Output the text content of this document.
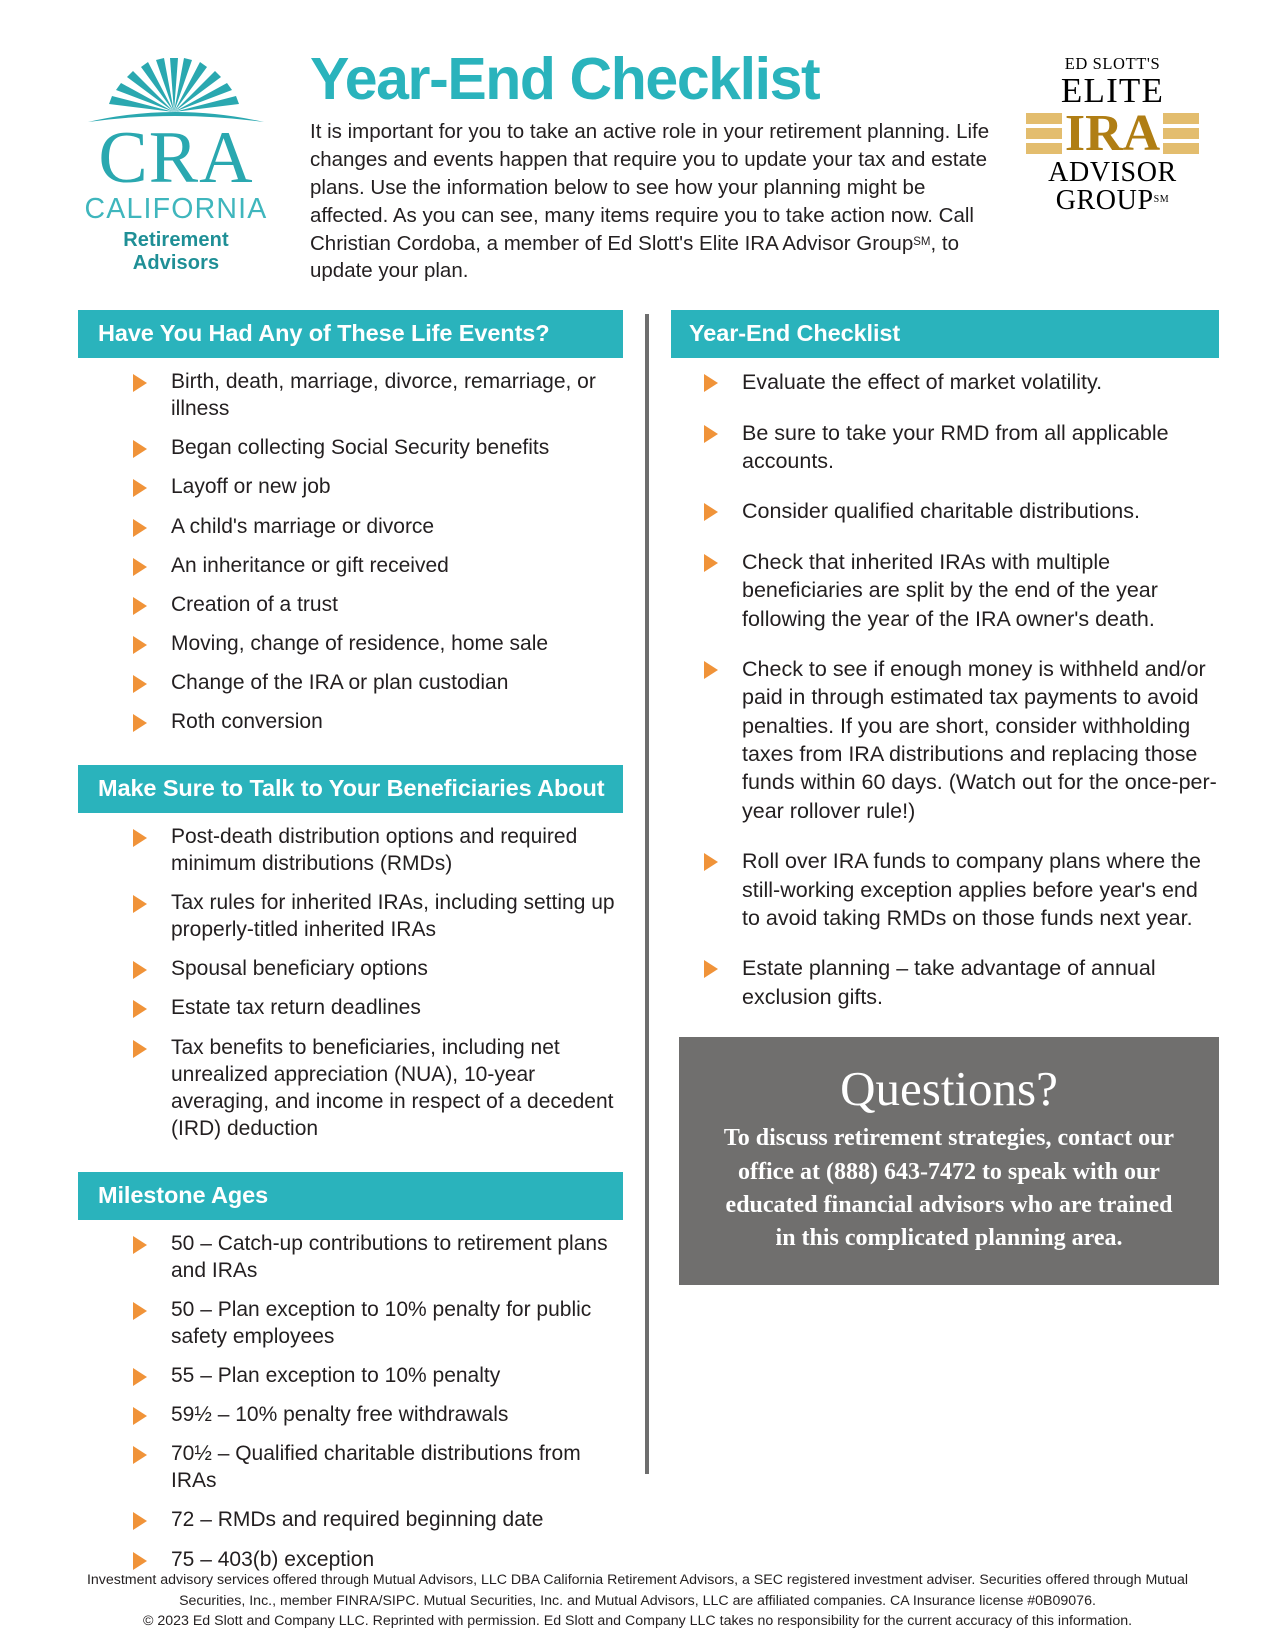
CRA
CALIFORNIA
Retirement Advisors
Year-End Checklist

It is important for you to take an active role in your retirement planning. Life changes and events happen that require you to update your tax and estate plans. Use the information below to see how your planning might be affected. As you can see, many items require you to take action now. Call Christian Cordoba, a member of Ed Slott's Elite IRA Advisor Group℠, to update your plan.

ED SLOTT'S
ELITE
IRA
ADVISOR
GROUP℠
Have You Had Any of These Life Events?
Birth, death, marriage, divorce, remarriage, or illness
Began collecting Social Security benefits
Layoff or new job
A child's marriage or divorce
An inheritance or gift received
Creation of a trust
Moving, change of residence, home sale
Change of the IRA or plan custodian
Roth conversion
Make Sure to Talk to Your Beneficiaries About
Post-death distribution options and required minimum distributions (RMDs)
Tax rules for inherited IRAs, including setting up properly-titled inherited IRAs
Spousal beneficiary options
Estate tax return deadlines
Tax benefits to beneficiaries, including net unrealized appreciation (NUA), 10-year averaging, and income in respect of a decedent (IRD) deduction
Milestone Ages
50 – Catch-up contributions to retirement plans and IRAs
50 – Plan exception to 10% penalty for public safety employees
55 – Plan exception to 10% penalty
59½ – 10% penalty free withdrawals
70½ – Qualified charitable distributions from IRAs
72 – RMDs and required beginning date
75 – 403(b) exception
Year-End Checklist
Evaluate the effect of market volatility.
Be sure to take your RMD from all applicable accounts.
Consider qualified charitable distributions.
Check that inherited IRAs with multiple beneficiaries are split by the end of the year following the year of the IRA owner's death.
Check to see if enough money is withheld and/or paid in through estimated tax payments to avoid penalties. If you are short, consider withholding taxes from IRA distributions and replacing those funds within 60 days. (Watch out for the once-per-year rollover rule!)
Roll over IRA funds to company plans where the still-working exception applies before year's end to avoid taking RMDs on those funds next year.
Estate planning – take advantage of annual exclusion gifts.
Questions?

To discuss retirement strategies, contact our office at (888) 643-7472 to speak with our educated financial advisors who are trained in this complicated planning area.

Investment advisory services offered through Mutual Advisors, LLC DBA California Retirement Advisors, a SEC registered investment adviser. Securities offered through Mutual

Securities, Inc., member FINRA/SIPC. Mutual Securities, Inc. and Mutual Advisors, LLC are affiliated companies. CA Insurance license #0B09076.

© 2023 Ed Slott and Company LLC. Reprinted with permission. Ed Slott and Company LLC takes no responsibility for the current accuracy of this information.
